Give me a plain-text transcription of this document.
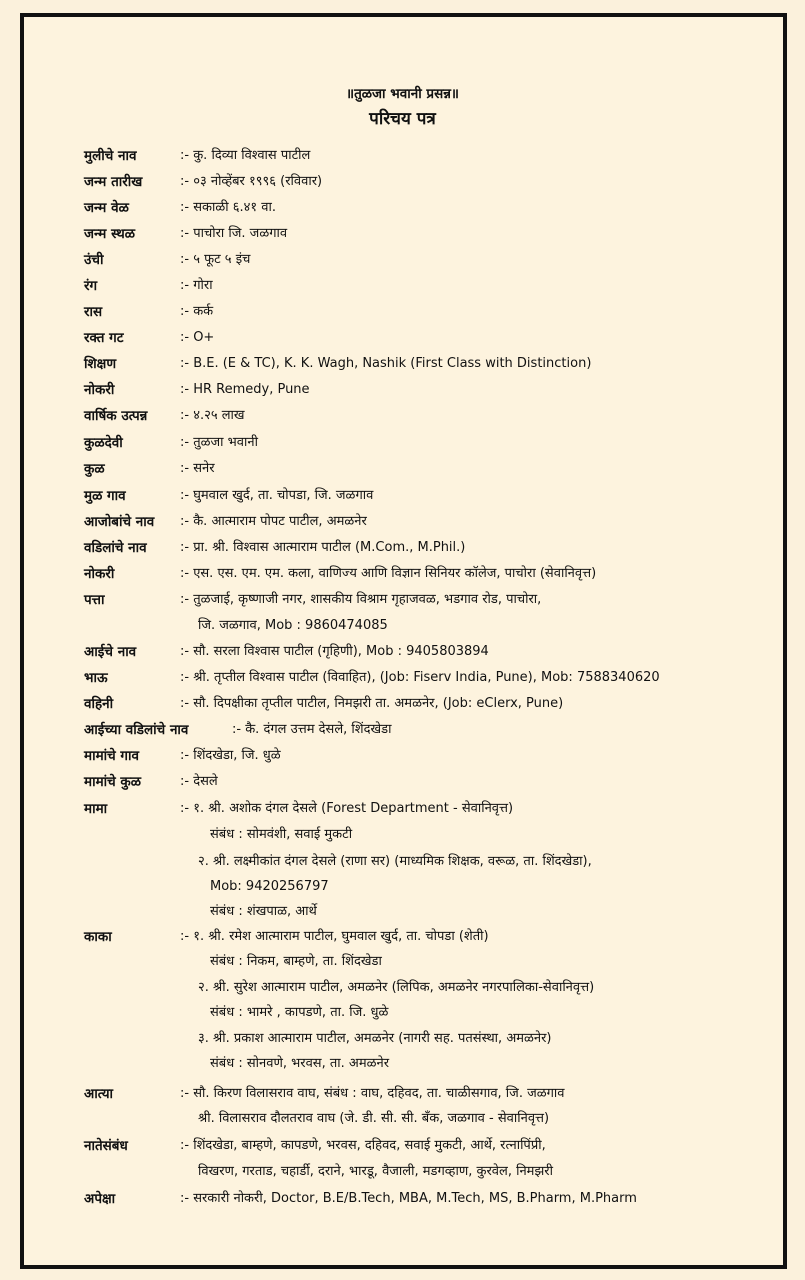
॥तुळजा भवानी प्रसन्न॥
परिचय पत्र
मुलीचे नाव	:- कु. दिव्या विश्वास पाटील
जन्म तारीख	:- ०३ नोव्हेंबर १९९६ (रविवार)
जन्म वेळ	:- सकाळी ६.४१ वा.
जन्म स्थळ	:- पाचोरा जि. जळगाव
उंची	:- ५ फूट ५ इंच
रंग	:- गोरा
रास	:- कर्क
रक्त गट	:- O+
शिक्षण	:- B.E. (E & TC), K. K. Wagh, Nashik (First Class with Distinction)
नोकरी	:- HR Remedy, Pune
वार्षिक उत्पन्न	:- ४.२५ लाख
कुळदेवी	:- तुळजा भवानी
कुळ	:- सनेर
मुळ गाव	:- घुमवाल खुर्द, ता. चोपडा, जि. जळगाव
आजोबांचे नाव :- कै. आत्माराम पोपट पाटील, अमळनेर
वडिलांचे नाव	:- प्रा. श्री. विश्वास आत्माराम पाटील (M.Com., M.Phil.)
नोकरी	:- एस. एस. एम. एम. कला, वाणिज्य आणि विज्ञान सिनियर कॉलेज, पाचोरा (सेवानिवृत्त)
पत्ता	:- तुळजाई, कृष्णाजी नगर, शासकीय विश्राम गृहाजवळ, भडगाव रोड, पाचोरा,
जि. जळगाव, Mob : 9860474085
आईचे नाव	:- सौ. सरला विश्वास पाटील (गृहिणी), Mob : 9405803894
भाऊ	:- श्री. तृप्तील विश्वास पाटील (विवाहित), (Job: Fiserv India, Pune), Mob: 7588340620
वहिनी	:- सौ. दिपक्षीका तृप्तील पाटील, निमझरी ता. अमळनेर, (Job: eClerx, Pune)
आईच्या वडिलांचे नाव	:- कै. दंगल उत्तम देसले, शिंदखेडा
मामांचे गाव	:- शिंदखेडा, जि. धुळे
मामांचे कुळ	:- देसले
मामा	:- १. श्री. अशोक दंगल देसले (Forest Department - सेवानिवृत्त)
संबंध : सोमवंशी, सवाई मुकटी
२. श्री. लक्ष्मीकांत दंगल देसले (राणा सर) (माध्यमिक शिक्षक, वरूळ, ता. शिंदखेडा),
Mob: 9420256797
संबंध : शंखपाळ, आर्थे
काका	:- १. श्री. रमेश आत्माराम पाटील, घुमवाल खुर्द, ता. चोपडा (शेती)
संबंध : निकम, बाम्हणे, ता. शिंदखेडा
२. श्री. सुरेश आत्माराम पाटील, अमळनेर (लिपिक, अमळनेर नगरपालिका-सेवानिवृत्त)
संबंध : भामरे , कापडणे, ता. जि. धुळे
३. श्री. प्रकाश आत्माराम पाटील, अमळनेर (नागरी सह. पतसंस्था, अमळनेर)
संबंध : सोनवणे, भरवस, ता. अमळनेर
आत्या	:- सौ. किरण विलासराव वाघ, संबंध : वाघ, दहिवद, ता. चाळीसगाव, जि. जळगाव
श्री. विलासराव दौलतराव वाघ (जे. डी. सी. सी. बँक, जळगाव - सेवानिवृत्त)
नातेसंबंध	:- शिंदखेडा, बाम्हणे, कापडणे, भरवस, दहिवद, सवाई मुकटी, आर्थे, रत्नापिंप्री,
विखरण, गरताड, चहार्डी, दराने, भारडू, वैजाली, मडगव्हाण, कुरवेल, निमझरी
अपेक्षा	:- सरकारी नोकरी, Doctor, B.E/B.Tech, MBA, M.Tech, MS, B.Pharm, M.Pharm
